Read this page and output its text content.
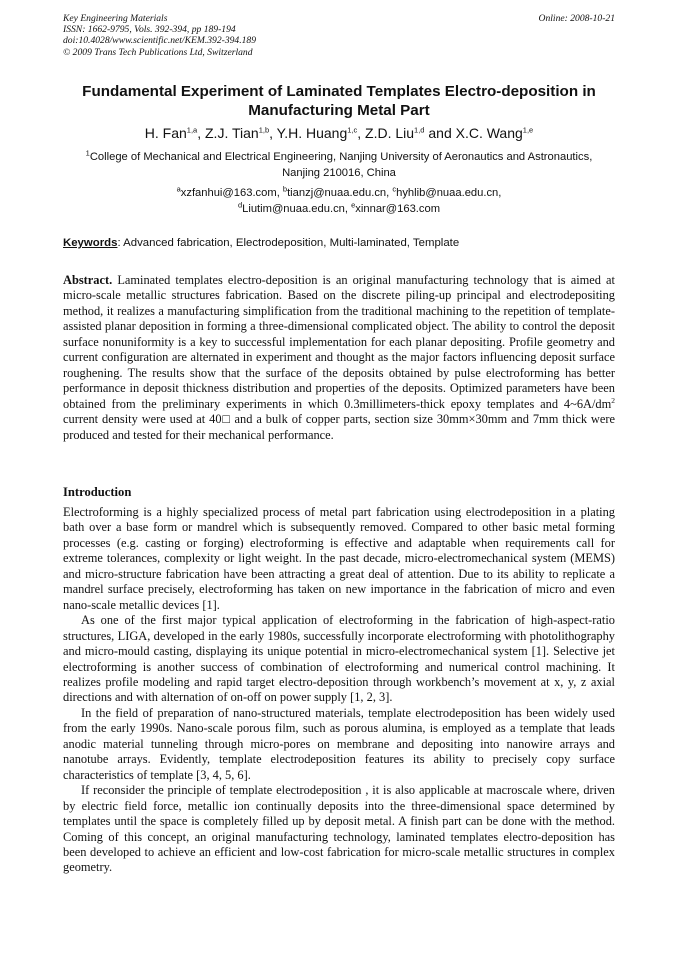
Key Engineering Materials	Online: 2008-10-21
ISSN: 1662-9795, Vols. 392-394, pp 189-194
doi:10.4028/www.scientific.net/KEM.392-394.189
© 2009 Trans Tech Publications Ltd, Switzerland
Fundamental Experiment of Laminated Templates Electro-deposition in Manufacturing Metal Part
H. Fan$^{1,a}$, Z.J. Tian$^{1,b}$, Y.H. Huang$^{1,c}$, Z.D. Liu$^{1,d}$ and X.C. Wang$^{1,e}$
$^1$College of Mechanical and Electrical Engineering, Nanjing University of Aeronautics and Astronautics, Nanjing 210016, China
$^a$xzfanhui@163.com, $^b$tianzj@nuaa.edu.cn, $^c$hyhlib@nuaa.edu.cn,
$^d$Liutim@nuaa.edu.cn, $^e$xinnar@163.com
Keywords: Advanced fabrication, Electrodeposition, Multi-laminated, Template
Abstract. Laminated templates electro-deposition is an original manufacturing technology that is aimed at micro-scale metallic structures fabrication. Based on the discrete piling-up principal and electrodepositing method, it realizes a manufacturing simplification from the traditional machining to the repetition of template-assisted planar deposition in forming a three-dimensional complicated object. The ability to control the deposit surface nonuniformity is a key to successful implementation for each planar depositing. Profile geometry and current configuration are alternated in experiment and thought as the major factors influencing deposit surface roughening. The results show that the surface of the deposits obtained by pulse electroforming has better performance in deposit thickness distribution and properties of the deposits. Optimized parameters have been obtained from the preliminary experiments in which 0.3millimeters-thick epoxy templates and $4\sim 6A/dm^2$ current density were used at 40□ and a bulk of copper parts, section size 30mm×30mm and 7mm thick were produced and tested for their mechanical performance.
Introduction

Electroforming is a highly specialized process of metal part fabrication using electrodeposition in a plating bath over a base form or mandrel which is subsequently removed. Compared to other basic metal forming processes (e.g. casting or forging) electroforming is effective and adaptable when requirements call for extreme tolerances, complexity or light weight. In the past decade, micro-electromechanical system (MEMS) and micro-structure fabrication have been attracting a great deal of attention. Due to its ability to replicate a mandrel surface precisely, electroforming has taken on new importance in the fabrication of micro and even nano-scale metallic devices [1].

As one of the first major typical application of electroforming in the fabrication of high-aspect-ratio structures, LIGA, developed in the early 1980s, successfully incorporate electroforming with photolithography and micro-mould casting, displaying its unique potential in micro-electromechanical system [1]. Selective jet electroforming is another success of combination of electroforming and numerical control machining. It realizes profile modeling and rapid target electro-deposition through workbench’s movement at x, y, z axial directions and with alternation of on-off on power supply [1, 2, 3].

In the field of preparation of nano-structured materials, template electrodeposition has been widely used from the early 1990s. Nano-scale porous film, such as porous alumina, is employed as a template that leads anodic material tunneling through micro-pores on membrane and depositing into nanowire arrays and nanotube arrays. Evidently, template electrodeposition features its ability to precisely copy surface characteristics of template [3, 4, 5, 6].

If reconsider the principle of template electrodeposition , it is also applicable at macroscale where, driven by electric field force, metallic ion continually deposits into the three-dimensional space determined by templates until the space is completely filled up by deposit metal. A finish part can be done with the method. Coming of this concept, an original manufacturing technology, laminated templates electro-deposition has been developed to achieve an efficient and low-cost fabrication for micro-scale metallic structures in complex geometry.
